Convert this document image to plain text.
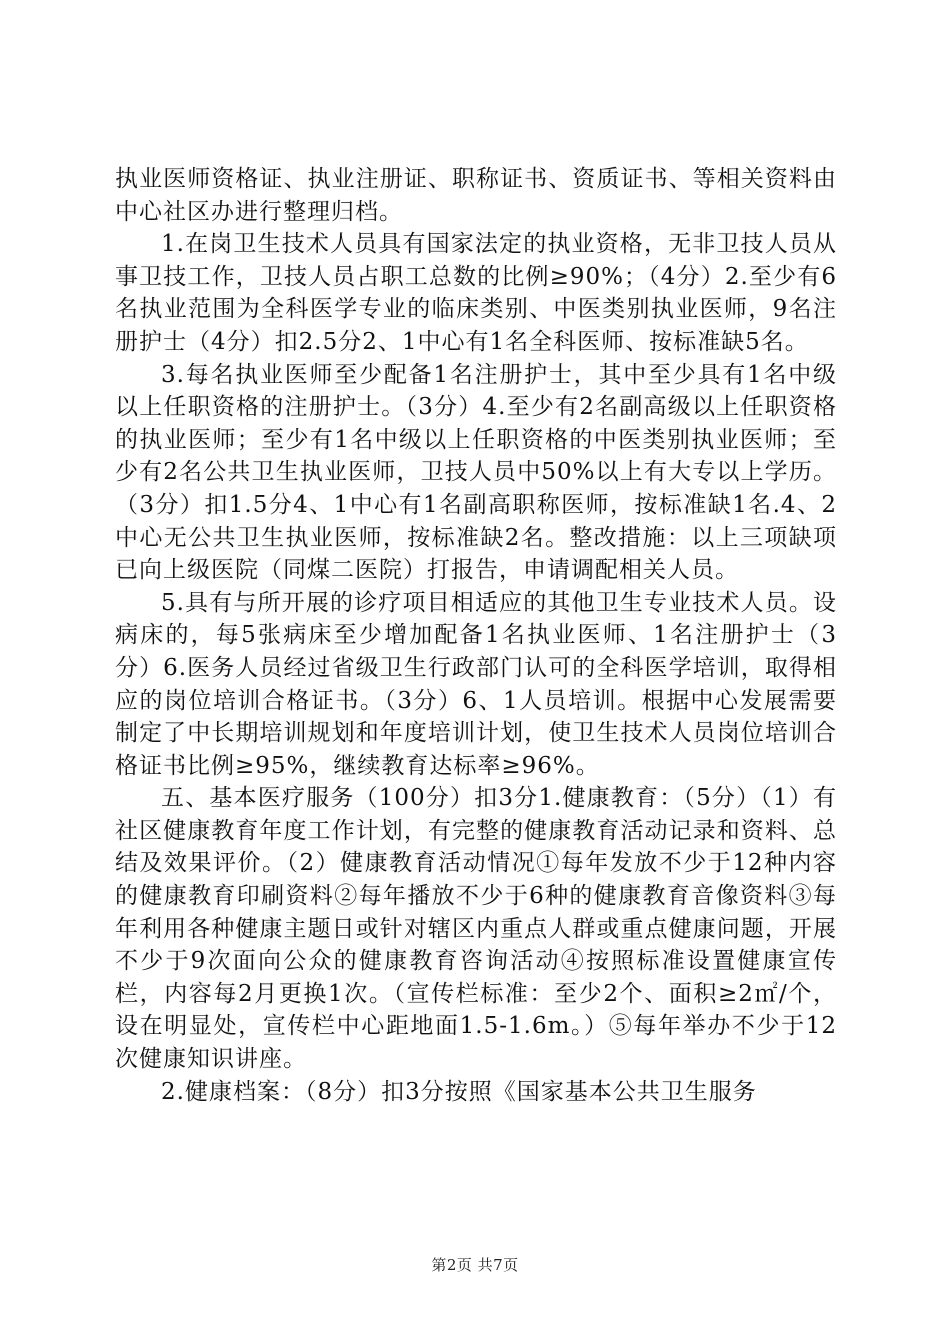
执业医师资格证、执业注册证、职称证书、资质证书、等相关资料由中心社区办进行整理归档。

1.在岗卫生技术人员具有国家法定的执业资格，无非卫技人员从事卫技工作，卫技人员占职工总数的比例≥90%；（4分）2.至少有6名执业范围为全科医学专业的临床类别、中医类别执业医师，9名注册护士（4分）扣2.5分2、1中心有1名全科医师、按标准缺5名。

3.每名执业医师至少配备1名注册护士，其中至少具有1名中级以上任职资格的注册护士。（3分）4.至少有2名副高级以上任职资格的执业医师；至少有1名中级以上任职资格的中医类别执业医师；至少有2名公共卫生执业医师，卫技人员中50%以上有大专以上学历。（3分）扣1.5分4、1中心有1名副高职称医师，按标准缺1名.4、2中心无公共卫生执业医师，按标准缺2名。整改措施：以上三项缺项已向上级医院（同煤二医院）打报告，申请调配相关人员。

5.具有与所开展的诊疗项目相适应的其他卫生专业技术人员。设病床的，每5张病床至少增加配备1名执业医师、1名注册护士（3分）6.医务人员经过省级卫生行政部门认可的全科医学培训，取得相应的岗位培训合格证书。（3分）6、1人员培训。根据中心发展需要制定了中长期培训规划和年度培训计划，使卫生技术人员岗位培训合格证书比例≥95%，继续教育达标率≥96%。

五、基本医疗服务（100分）扣3分1.健康教育：（5分）（1）有社区健康教育年度工作计划，有完整的健康教育活动记录和资料、总结及效果评价。（2）健康教育活动情况①每年发放不少于12种内容的健康教育印刷资料②每年播放不少于6种的健康教育音像资料③每年利用各种健康主题日或针对辖区内重点人群或重点健康问题，开展不少于9次面向公众的健康教育咨询活动④按照标准设置健康宣传栏，内容每2月更换1次。（宣传栏标准：至少2个、面积≥2㎡/个，设在明显处，宣传栏中心距地面1.5-1.6m。）⑤每年举办不少于12次健康知识讲座。

2.健康档案：（8分）扣3分按照《国家基本公共卫生服务

第2页 共7页
